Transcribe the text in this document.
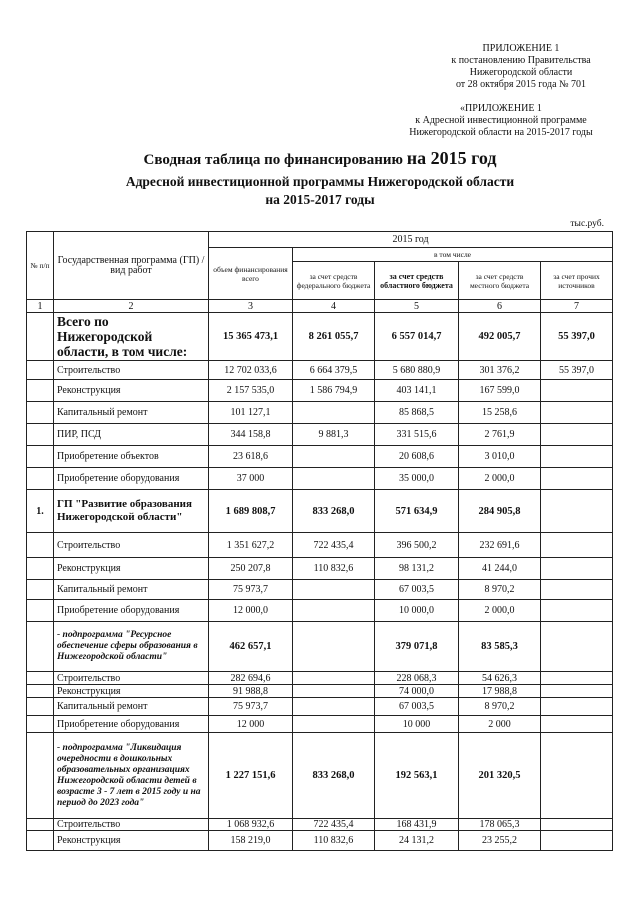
ПРИЛОЖЕНИЕ 1
к постановлению Правительства
Нижегородской области
от 28 октября 2015 года № 701
«ПРИЛОЖЕНИЕ 1
к Адресной инвестиционной программе
Нижегородской области на 2015-2017 годы
Сводная таблица по финансированию на 2015 год
Адресной инвестиционной программы Нижегородской области
на 2015-2017 годы
тыс.руб.
№ п/п	Государственная программа (ГП) / вид работ	2015 год				
		объем финансирования всего	в том числе			
			за счет средств федерального бюджета	за счет средств областного бюджета	за счет средств местного бюджета	за счет прочих источников
1	2	3	4	5	6	7
	Всего по Нижегородской области, в том числе:	15 365 473,1	8 261 055,7	6 557 014,7	492 005,7	55 397,0
	Строительство	12 702 033,6	6 664 379,5	5 680 880,9	301 376,2	55 397,0
	Реконструкция	2 157 535,0	1 586 794,9	403 141,1	167 599,0	
	Капитальный ремонт	101 127,1		85 868,5	15 258,6	
	ПИР, ПСД	344 158,8	9 881,3	331 515,6	2 761,9	
	Приобретение объектов	23 618,6		20 608,6	3 010,0	
	Приобретение оборудования	37 000		35 000,0	2 000,0	
1.	ГП "Развитие образования Нижегородской области"	1 689 808,7	833 268,0	571 634,9	284 905,8	
	Строительство	1 351 627,2	722 435,4	396 500,2	232 691,6	
	Реконструкция	250 207,8	110 832,6	98 131,2	41 244,0	
	Капитальный ремонт	75 973,7		67 003,5	8 970,2	
	Приобретение оборудования	12 000,0		10 000,0	2 000,0	
	- подпрограмма "Ресурсное обеспечение сферы образования в Нижегородской области"	462 657,1		379 071,8	83 585,3	
	Строительство	282 694,6		228 068,3	54 626,3	
	Реконструкция	91 988,8		74 000,0	17 988,8	
	Капитальный ремонт	75 973,7		67 003,5	8 970,2	
	Приобретение оборудования	12 000		10 000	2 000	
	- подпрограмма "Ликвидация очередности в дошкольных образовательных организациях Нижегородской области детей в возрасте 3 - 7 лет в 2015 году и на период до 2023 года"	1 227 151,6	833 268,0	192 563,1	201 320,5	
	Строительство	1 068 932,6	722 435,4	168 431,9	178 065,3	
	Реконструкция	158 219,0	110 832,6	24 131,2	23 255,2	
